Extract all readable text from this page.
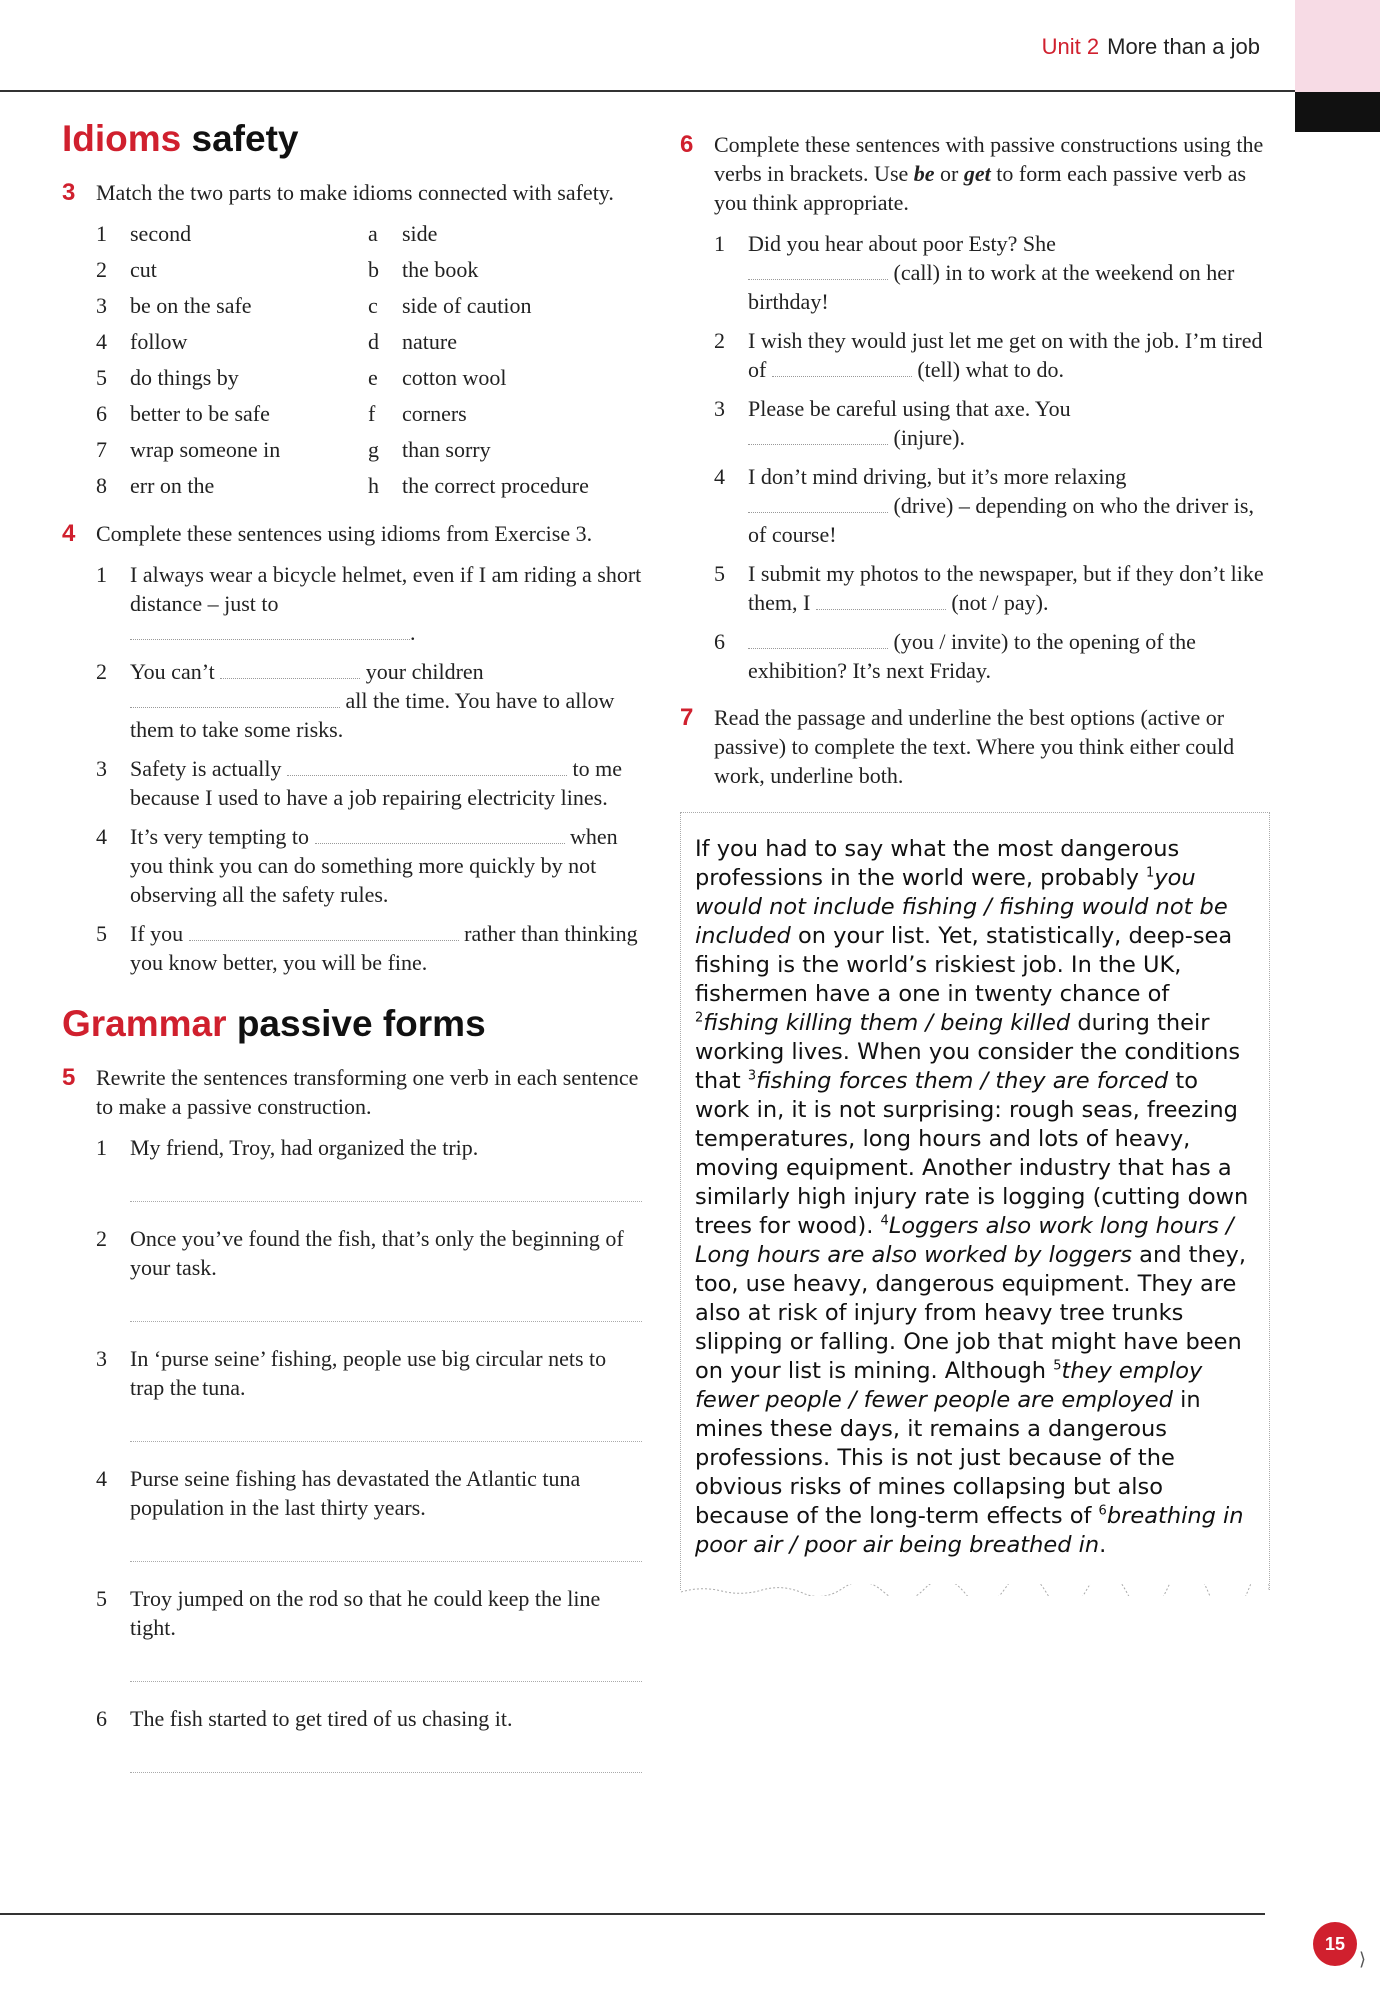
Unit 2 More than a job
Idioms safety
3 Match the two parts to make idioms connected with safety.
1	second	a	side
2	cut	b	the book
3	be on the safe	c	side of caution
4	follow	d	nature
5	do things by	e	cotton wool
6	better to be safe	f	corners
7	wrap someone in	g	than sorry
8	err on the	h	the correct procedure
4 Complete these sentences using idioms from Exercise 3.
1 I always wear a bicycle helmet, even if I am riding a short distance – just to
.
2 You can’t	your children
all the time. You have to allow them to take some risks.
3 Safety is actually	to me because I used to have a job repairing electricity lines.
4 It’s very tempting to	when you think you can do something more quickly by not observing all the safety rules.
5 If you	rather than thinking you know better, you will be fine.
Grammar passive forms
5 Rewrite the sentences transforming one verb in each sentence to make a passive construction.
1 My friend, Troy, had organized the trip.
2 Once you’ve found the fish, that’s only the beginning of your task.
3 In ‘purse seine’ fishing, people use big circular nets to trap the tuna.
4 Purse seine fishing has devastated the Atlantic tuna population in the last thirty years.
5 Troy jumped on the rod so that he could keep the line tight.
6 The fish started to get tired of us chasing it.
6 Complete these sentences with passive constructions using the verbs in brackets. Use be or get to form each passive verb as you think appropriate.
1 Did you hear about poor Esty? She
(call) in to work at the weekend on her birthday!
2 I wish they would just let me get on with the job. I’m tired of	(tell) what to do.
3 Please be careful using that axe. You
(injure).
4 I don’t mind driving, but it’s more relaxing
(drive) – depending on who the driver is, of course!
5 I submit my photos to the newspaper, but if they don’t like them, I	(not / pay).
6	(you / invite) to the opening of the exhibition? It’s next Friday.
7 Read the passage and underline the best options (active or passive) to complete the text. Where you think either could work, underline both.
If you had to say what the most dangerous professions in the world were, probably $^1$you would not include fishing / fishing would not be included on your list. Yet, statistically, deep-sea fishing is the world’s riskiest job. In the UK, fishermen have a one in twenty chance of $^2$fishing killing them / being killed during their working lives. When you consider the conditions that $^3$fishing forces them / they are forced to work in, it is not surprising: rough seas, freezing temperatures, long hours and lots of heavy, moving equipment. Another industry that has a similarly high injury rate is logging (cutting down trees for wood). $^4$Loggers also work long hours / Long hours are also worked by loggers and they, too, use heavy, dangerous equipment. They are also at risk of injury from heavy tree trunks slipping or falling. One job that might have been on your list is mining. Although $^5$they employ fewer people / fewer people are employed in mines these days, it remains a dangerous professions. This is not just because of the obvious risks of mines collapsing but also because of the long-term effects of $^6$breathing in poor air / poor air being breathed in.
15
⟩
